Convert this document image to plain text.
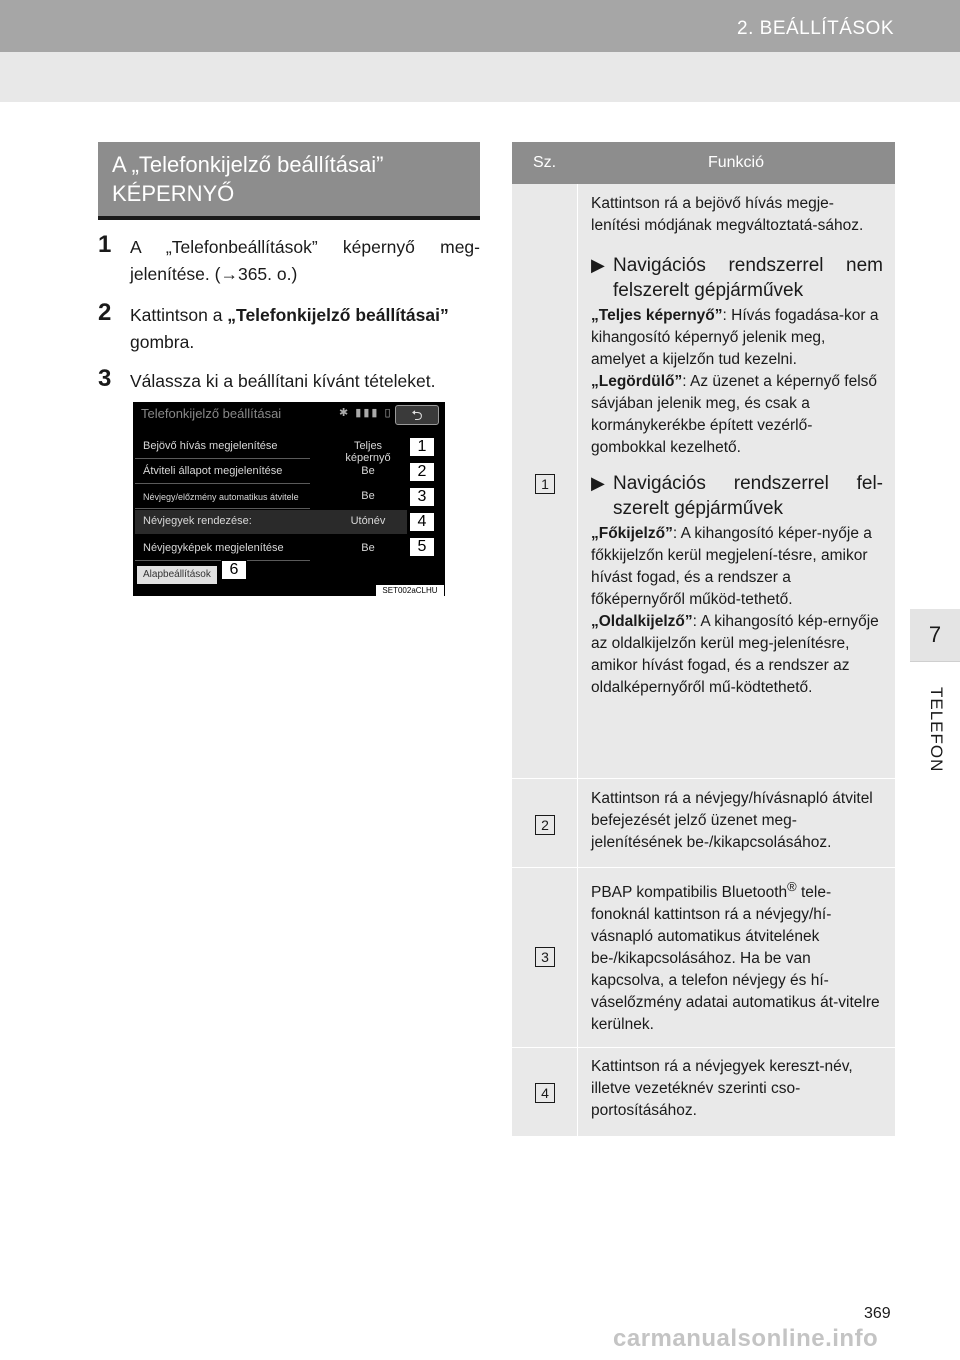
2. BEÁLLÍTÁSOK
7
TELEFON
A „Telefonkijelző beállításai”
KÉPERNYŐ
1	A „Telefonbeállítások” képernyő meg-jelenítése. (→365. o.)
2	Kattintson a „Telefonkijelző beállításai” gombra.
3	Válassza ki a beállítani kívánt tételeket.
Telefonkijelző beállításai	✱ ▮▮▮ ▯	⮌
Bejövő hívás megjelenítése	Teljes képernyő
Átviteli állapot megjelenítése	Be
Névjegy/előzmény automatikus átvitele	Be
Névjegyek rendezése:	Utónév
Névjegyképek megjelenítése	Be
1
2
3
4
5
Alapbeállítások	6
SET002aCLHU
Sz.	Funkció
1

Kattintson rá a bejövő hívás megje-lenítési módjának megváltoztatá-sához.

▶ Navigációs rendszerrel nem felszerelt gépjárművek

„Teljes képernyő”: Hívás fogadása-kor a kihangosító képernyő jelenik meg, amelyet a kijelzőn tud kezelni.

„Legördülő”: Az üzenet a képernyő felső sávjában jelenik meg, és csak a kormánykerékbe épített vezérlő-gombokkal kezelhető.

▶ Navigációs rendszerrel fel-szerelt gépjárművek

„Főkijelző”: A kihangosító képer-nyője a főkkijelzőn kerül megjelení-tésre, amikor hívást fogad, és a rendszer a főképernyőről működ-tethető.

„Oldalkijelző”: A kihangosító kép-ernyője az oldalkijelzőn kerül meg-jelenítésre, amikor hívást fogad, és a rendszer az oldalképernyőről mű-ködtethető.

2
Kattintson rá a névjegy/hívásnapló átvitel befejezését jelző üzenet meg-jelenítésének be-/kikapcsolásához.
3
PBAP kompatibilis Bluetooth® tele-fonoknál kattintson rá a névjegy/hí-vásnapló automatikus átvitelének be-/kikapcsolásához. Ha be van kapcsolva, a telefon névjegy és hí-váselőzmény adatai automatikus át-vitelre kerülnek.
4
Kattintson rá a névjegyek kereszt-név, illetve vezetéknév szerinti cso-portosításához.
369
carmanualsonline.info
